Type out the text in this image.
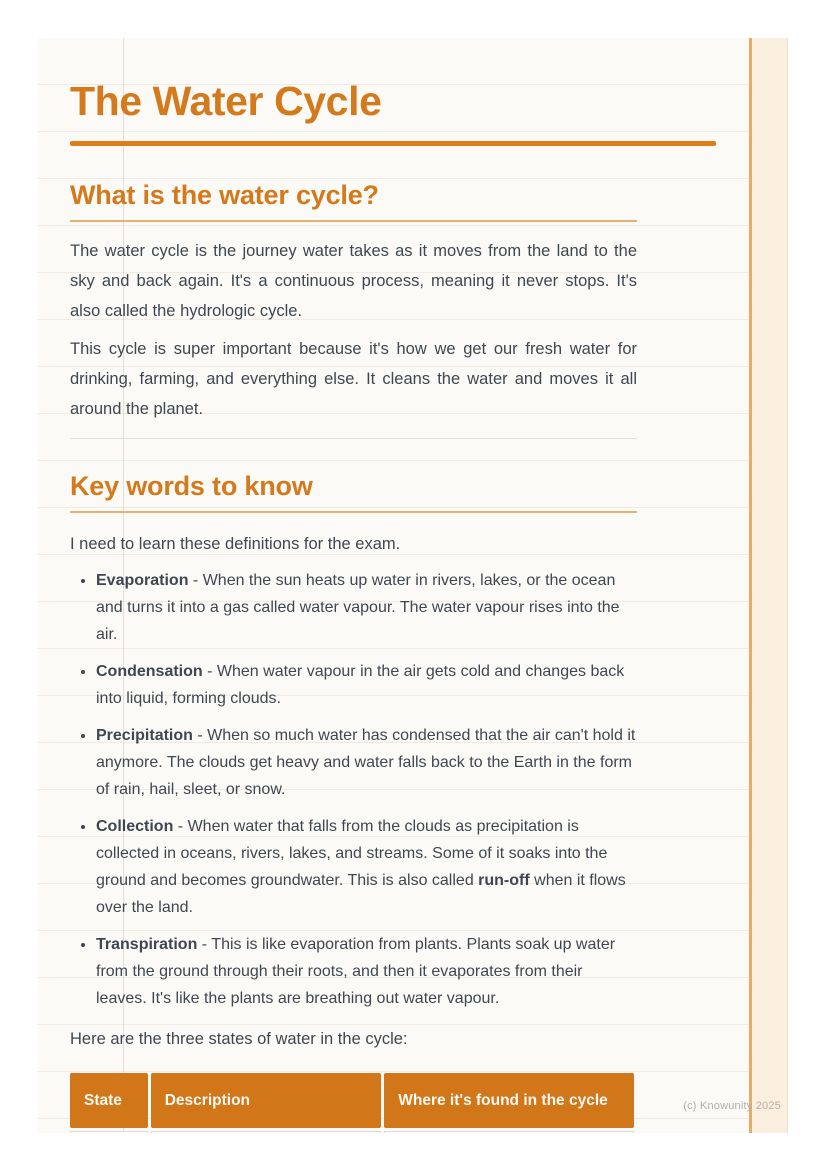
The Water Cycle
What is the water cycle?

The water cycle is the journey water takes as it moves from the land to the sky and back again. It's a continuous process, meaning it never stops. It's also called the hydrologic cycle.

This cycle is super important because it's how we get our fresh water for drinking, farming, and everything else. It cleans the water and moves it all around the planet.

Key words to know

I need to learn these definitions for the exam.

• Evaporation - When the sun heats up water in rivers, lakes, or the ocean and turns it into a gas called water vapour. The water vapour rises into the air.
• Condensation - When water vapour in the air gets cold and changes back into liquid, forming clouds.
• Precipitation - When so much water has condensed that the air can't hold it anymore. The clouds get heavy and water falls back to the Earth in the form of rain, hail, sleet, or snow.
• Collection - When water that falls from the clouds as precipitation is collected in oceans, rivers, lakes, and streams. Some of it soaks into the ground and becomes groundwater. This is also called run-off when it flows over the land.
• Transpiration - This is like evaporation from plants. Plants soak up water from the ground through their roots, and then it evaporates from their leaves. It's like the plants are breathing out water vapour.

Here are the three states of water in the cycle:

State	Description	Where it's found in the cycle
			(c) Knowunity 2025
